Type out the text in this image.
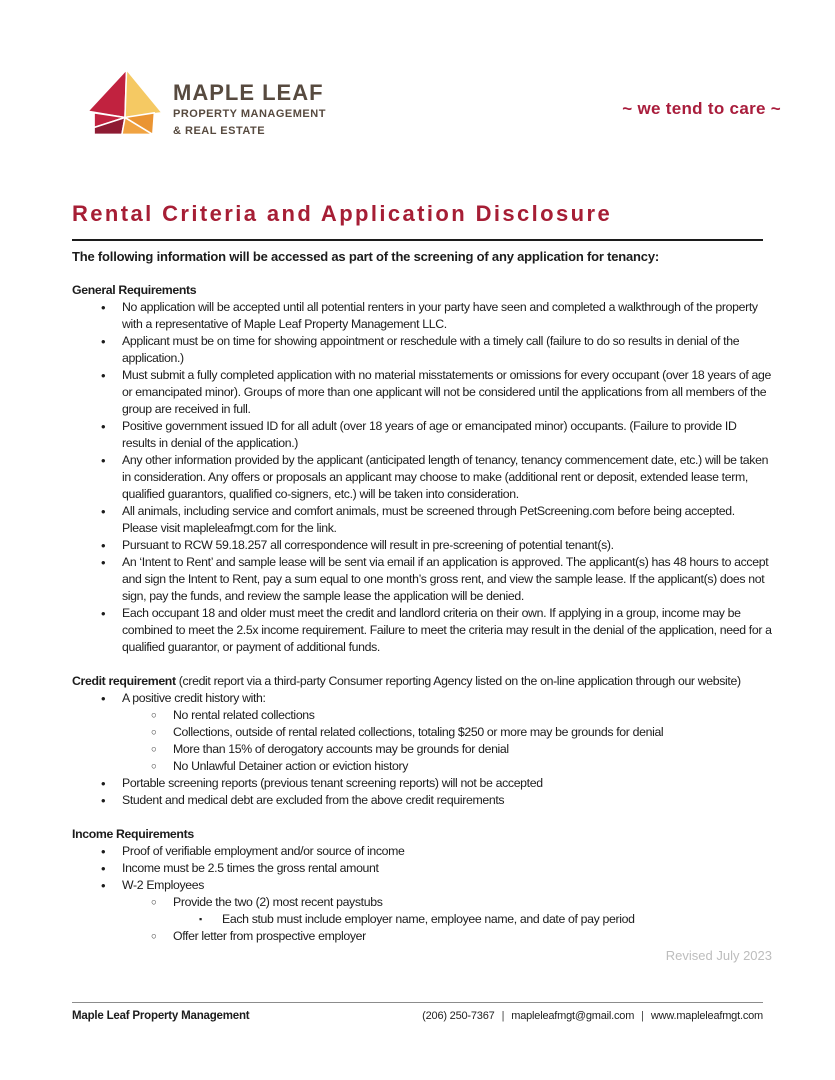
MAPLE LEAF
PROPERTY MANAGEMENT
& REAL ESTATE
~ we tend to care ~
Rental Criteria and Application Disclosure
The following information will be accessed as part of the screening of any application for tenancy:
General Requirements
•	No application will be accepted until all potential renters in your party have seen and completed a walkthrough of the property with a representative of Maple Leaf Property Management LLC.
•	Applicant must be on time for showing appointment or reschedule with a timely call (failure to do so results in denial of the application.)
•	Must submit a fully completed application with no material misstatements or omissions for every occupant (over 18 years of age or emancipated minor). Groups of more than one applicant will not be considered until the applications from all members of the group are received in full.
•	Positive government issued ID for all adult (over 18 years of age or emancipated minor) occupants. (Failure to provide ID results in denial of the application.)
•	Any other information provided by the applicant (anticipated length of tenancy, tenancy commencement date, etc.) will be taken in consideration. Any offers or proposals an applicant may choose to make (additional rent or deposit, extended lease term, qualified guarantors, qualified co-signers, etc.) will be taken into consideration.
•	All animals, including service and comfort animals, must be screened through PetScreening.com before being accepted. Please visit mapleleafmgt.com for the link.
•	Pursuant to RCW 59.18.257 all correspondence will result in pre-screening of potential tenant(s).
•	An ‘Intent to Rent’ and sample lease will be sent via email if an application is approved. The applicant(s) has 48 hours to accept and sign the Intent to Rent, pay a sum equal to one month’s gross rent, and view the sample lease. If the applicant(s) does not sign, pay the funds, and review the sample lease the application will be denied.
•	Each occupant 18 and older must meet the credit and landlord criteria on their own. If applying in a group, income may be combined to meet the 2.5x income requirement. Failure to meet the criteria may result in the denial of the application, need for a qualified guarantor, or payment of additional funds.
Credit requirement (credit report via a third-party Consumer reporting Agency listed on the on-line application through our website)
•	A positive credit history with:
○	No rental related collections
○	Collections, outside of rental related collections, totaling $250 or more may be grounds for denial
○	More than 15% of derogatory accounts may be grounds for denial
○	No Unlawful Detainer action or eviction history
•	Portable screening reports (previous tenant screening reports) will not be accepted
•	Student and medical debt are excluded from the above credit requirements
Income Requirements
•	Proof of verifiable employment and/or source of income
•	Income must be 2.5 times the gross rental amount
•	W-2 Employees
○	Provide the two (2) most recent paystubs
▪	Each stub must include employer name, employee name, and date of pay period
○	Offer letter from prospective employer
Revised July 2023
Maple Leaf Property Management	(206) 250-7367 | mapleleafmgt@gmail.com | www.mapleleafmgt.com
